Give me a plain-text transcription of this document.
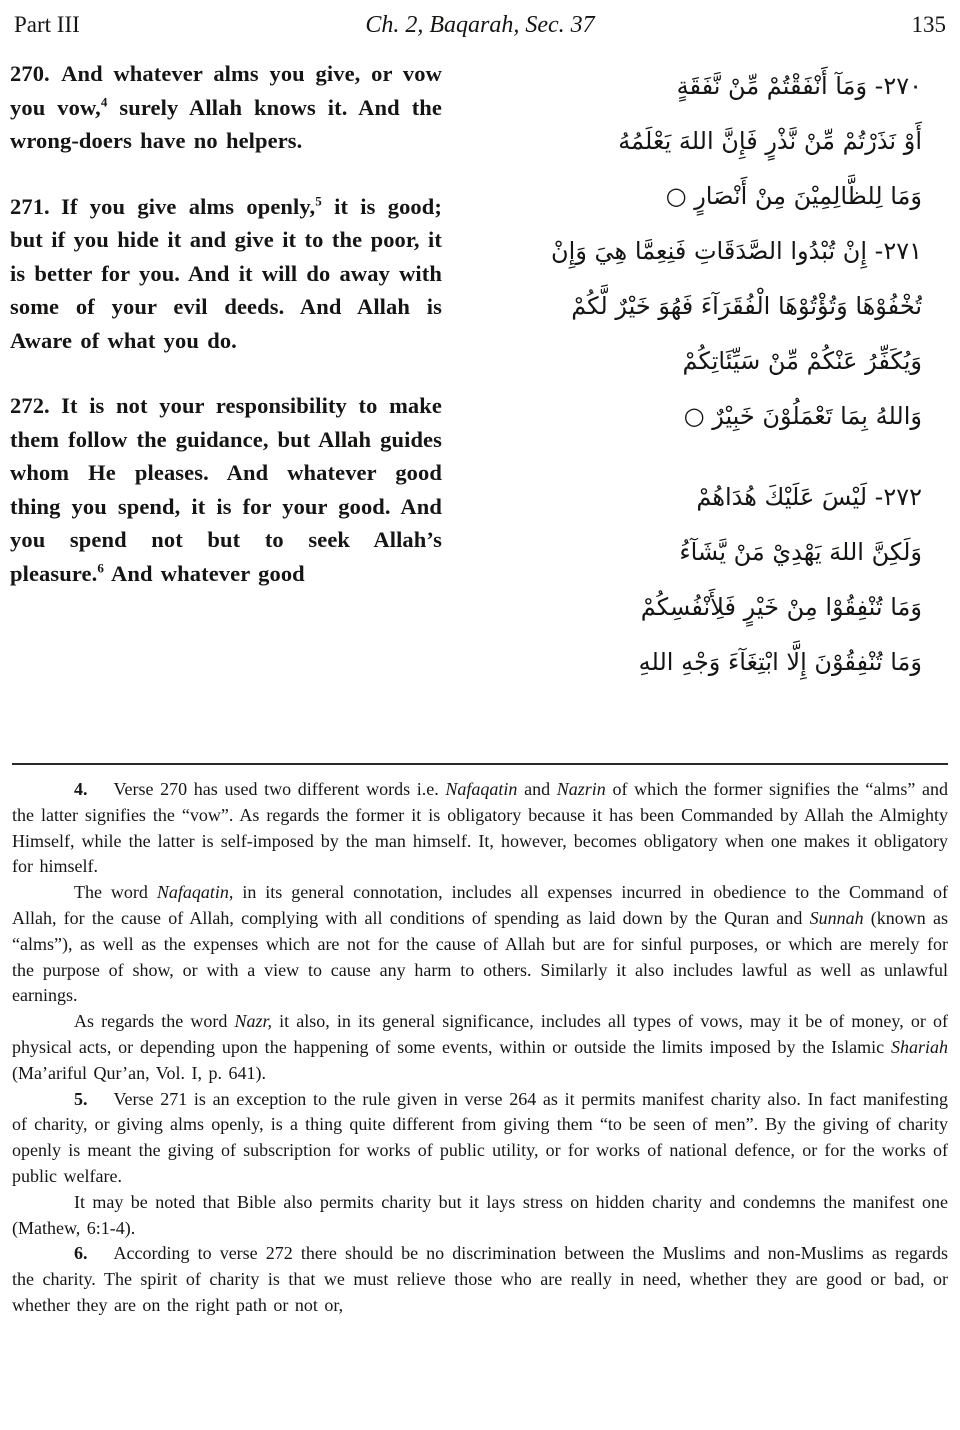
Part III	Ch. 2, Baqarah, Sec. 37	135

270. And whatever alms you give, or vow you vow,$^4$ surely Allah knows it. And the wrong-doers have no helpers.

271. If you give alms openly,$^5$ it is good; but if you hide it and give it to the poor, it is better for you. And it will do away with some of your evil deeds. And Allah is Aware of what you do.

272. It is not your responsibility to make them follow the guidance, but Allah guides whom He pleases. And whatever good thing you spend, it is for your good. And you spend not but to seek Allah’s pleasure.$^6$ And whatever good

٢٧٠- وَمَآ أَنْفَقْتُمْ مِّنْ نَّفَقَةٍ
أَوْ نَذَرْتُمْ مِّنْ نَّذْرٍ فَإِنَّ اللهَ يَعْلَمُهُ
وَمَا لِلظَّالِمِيْنَ مِنْ أَنْصَارٍ ○
٢٧١- إِنْ تُبْدُوا الصَّدَقَاتِ فَنِعِمَّا هِيَ وَإِنْ
تُخْفُوْهَا وَتُؤْتُوْهَا الْفُقَرَآءَ فَهُوَ خَيْرٌ لَّكُمْ
وَيُكَفِّرُ عَنْكُمْ مِّنْ سَيِّئَاتِكُمْ
وَاللهُ بِمَا تَعْمَلُوْنَ خَبِيْرٌ ○
٢٧٢- لَيْسَ عَلَيْكَ هُدَاهُمْ
وَلَكِنَّ اللهَ يَهْدِيْ مَنْ يَّشَآءُ
وَمَا تُنْفِقُوْا مِنْ خَيْرٍ فَلِأَنْفُسِكُمْ
وَمَا تُنْفِقُوْنَ إِلَّا ابْتِغَآءَ وَجْهِ اللهِ

4. Verse 270 has used two different words i.e. Nafaqatin and Nazrin of which the former signifies the “alms” and the latter signifies the “vow”. As regards the former it is obligatory because it has been Commanded by Allah the Almighty Himself, while the latter is self-imposed by the man himself. It, however, becomes obligatory when one makes it obligatory for himself.

The word Nafaqatin, in its general connotation, includes all expenses incurred in obedience to the Command of Allah, for the cause of Allah, complying with all conditions of spending as laid down by the Quran and Sunnah (known as “alms”), as well as the expenses which are not for the cause of Allah but are for sinful purposes, or which are merely for the purpose of show, or with a view to cause any harm to others. Similarly it also includes lawful as well as unlawful earnings.

As regards the word Nazr, it also, in its general significance, includes all types of vows, may it be of money, or of physical acts, or depending upon the happening of some events, within or outside the limits imposed by the Islamic Shariah (Ma’ariful Qur’an, Vol. I, p. 641).

5. Verse 271 is an exception to the rule given in verse 264 as it permits manifest charity also. In fact manifesting of charity, or giving alms openly, is a thing quite different from giving them “to be seen of men”. By the giving of charity openly is meant the giving of subscription for works of public utility, or for works of national defence, or for the works of public welfare.

It may be noted that Bible also permits charity but it lays stress on hidden charity and condemns the manifest one (Mathew, 6:1-4).

6. According to verse 272 there should be no discrimination between the Muslims and non-Muslims as regards the charity. The spirit of charity is that we must relieve those who are really in need, whether they are good or bad, or whether they are on the right path or not or,
